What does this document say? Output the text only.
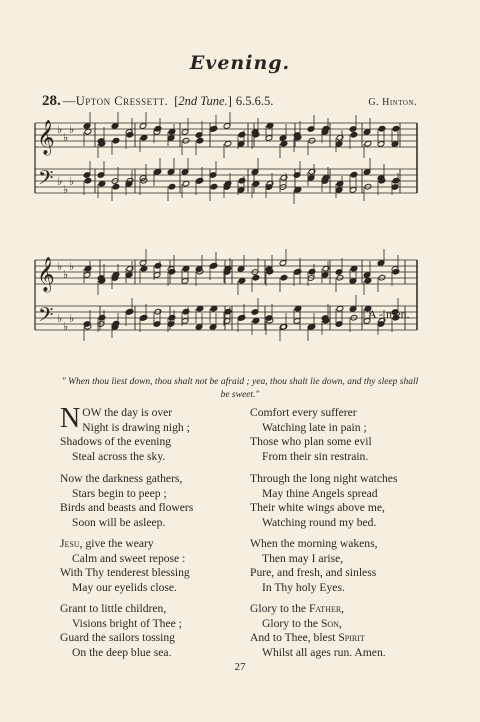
Evening.
28. —Upton Cressett. [2nd Tune.] 6.5.6.5.	G. Hinton.
𝄞
𝄢
♭
♭
♭
♭
♭
♭
𝄞
𝄢
♭
♭
♭
♭
♭
♭	A - men.
" When thou liest down, thou shalt not be afraid ; yea, thou shalt lie down, and thy sleep shall be sweet."
NOW the day is over
Night is drawing nigh ;
Shadows of the evening
Steal across the sky.
Now the darkness gathers,
Stars begin to peep ;
Birds and beasts and flowers
Soon will be asleep.
Jesu, give the weary
Calm and sweet repose :
With Thy tenderest blessing
May our eyelids close.
Grant to little children,
Visions bright of Thee ;
Guard the sailors tossing
On the deep blue sea.
Comfort every sufferer
Watching late in pain ;
Those who plan some evil
From their sin restrain.
Through the long night watches
May thine Angels spread
Their white wings above me,
Watching round my bed.
When the morning wakens,
Then may I arise,
Pure, and fresh, and sinless
In Thy holy Eyes.
Glory to the Father,
Glory to the Son,
And to Thee, blest Spirit
Whilst all ages run. Amen.
27
